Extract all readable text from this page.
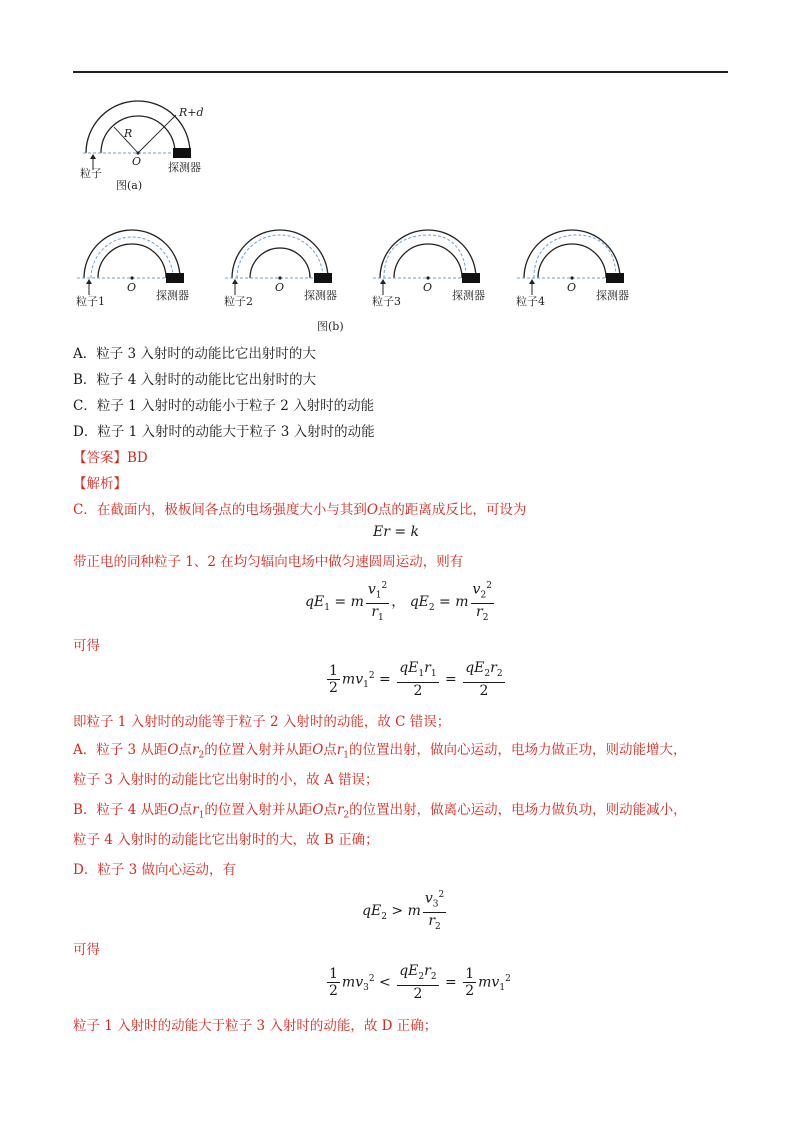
R+d
R
O
粒子	探测器
图(a)
O
粒子1	探测器
O
粒子2	探测器
O
粒子3	探测器
O
粒子4	探测器
图(b)
A．粒子 3 入射时的动能比它出射时的大
B．粒子 4 入射时的动能比它出射时的大
C．粒子 1 入射时的动能小于粒子 2 入射时的动能
D．粒子 1 入射时的动能大于粒子 3 入射时的动能
【答案】BD
【解析】
C．在截面内，极板间各点的电场强度大小与其到O点的距离成反比，可设为
Er = k
带正电的同种粒子 1、2 在均匀辐向电场中做匀速圆周运动，则有
$qE_1 = m \frac{v_1^2}{r_1}$ ， $qE_2 = m \frac{v_2^2}{r_2}$
可得
$\frac{1}{2} mv_1^2 = \frac{qE_1r_1}{2} = \frac{qE_2r_2}{2}$
即粒子 1 入射时的动能等于粒子 2 入射时的动能，故 C 错误；
A．粒子 3 从距O点$r_2$的位置入射并从距O点$r_1$的位置出射，做向心运动，电场力做正功，则动能增大，
粒子 3 入射时的动能比它出射时的小，故 A 错误；
B．粒子 4 从距O点$r_1$的位置入射并从距O点$r_2$的位置出射，做离心运动，电场力做负功，则动能减小，
粒子 4 入射时的动能比它出射时的大，故 B 正确；
D．粒子 3 做向心运动，有
$qE_2 > m \frac{v_3^2}{r_2}$
可得
$\frac{1}{2} mv_3^2 < \frac{qE_2r_2}{2} = \frac{1}{2} mv_1^2$
粒子 1 入射时的动能大于粒子 3 入射时的动能，故 D 正确；
